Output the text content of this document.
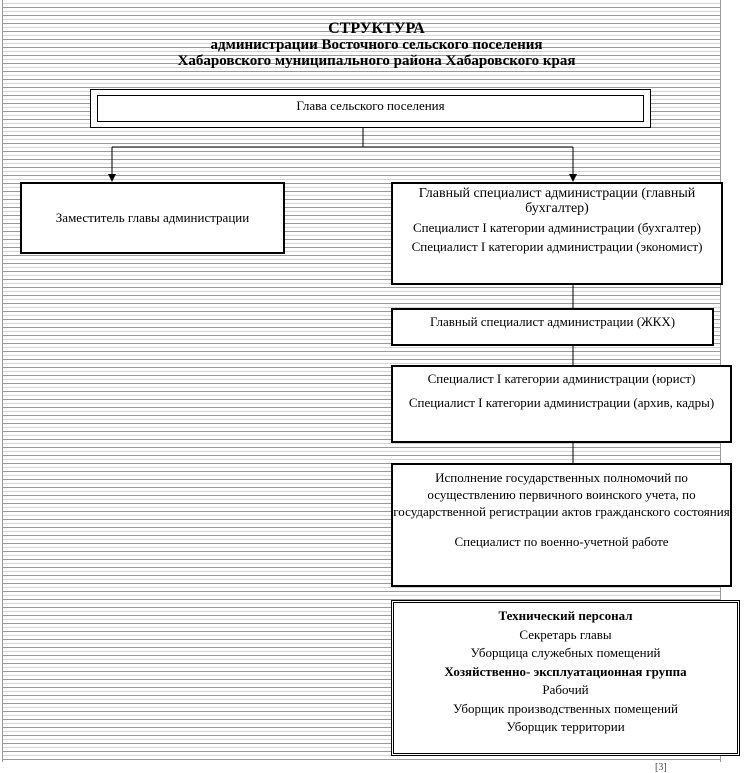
СТРУКТУРА
администрации Восточного сельского поселения
Хабаровского муниципального района Хабаровского края
Глава сельского поселения
Заместитель главы администрации

Главный специалист администрации (главный бухгалтер)

Специалист I категории администрации (бухгалтер)

Специалист I категории администрации (экономист)

Главный специалист администрации (ЖКХ)

Специалист I категории администрации (юрист)

Специалист I категории администрации (архив, кадры)

Исполнение государственных полномочий по осуществлению первичного воинского учета, по государственной регистрации актов гражданского состояния

Специалист по военно-учетной работе

Технический персонал

Секретарь главы

Уборщица служебных помещений

Хозяйственно- эксплуатационная группа

Рабочий

Уборщик производственных помещений

Уборщик территории

[3]
